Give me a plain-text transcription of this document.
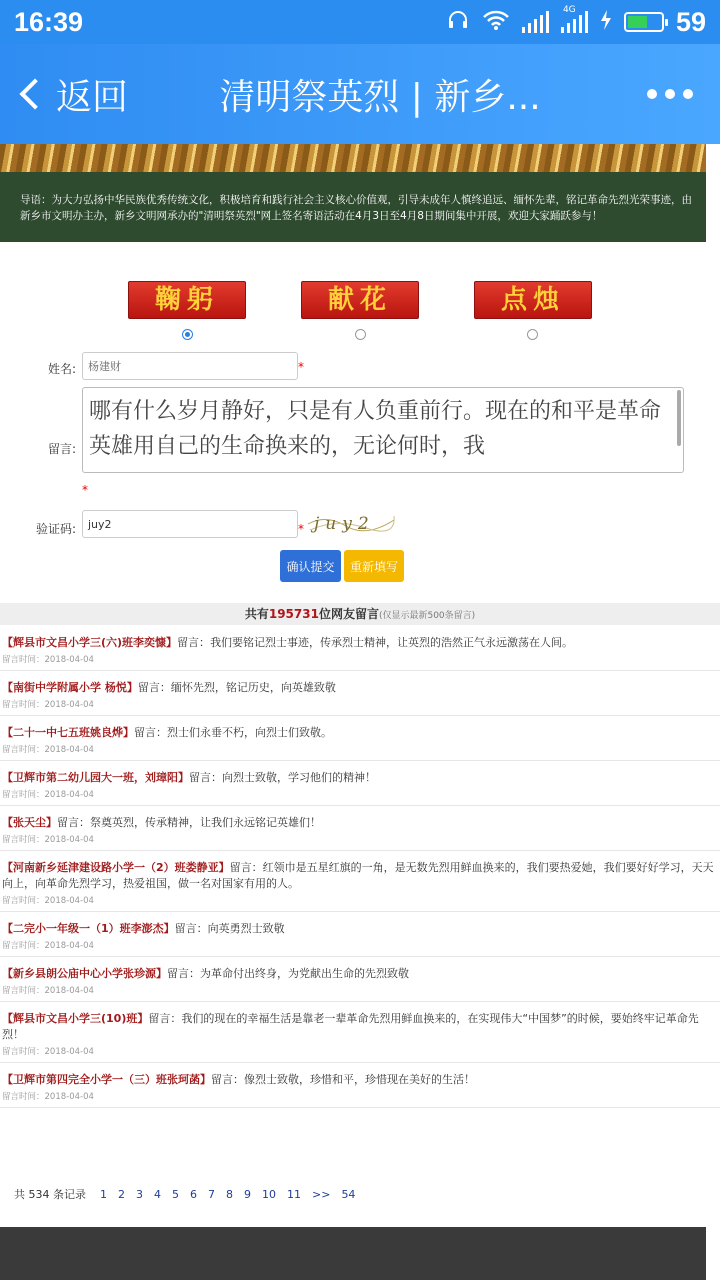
16:39	4G	59
返回	清明祭英烈 | 新乡...
导语：为大力弘扬中华民族优秀传统文化，积极培育和践行社会主义核心价值观，引导未成年人慎终追远、缅怀先辈，铭记革命先烈光荣事迹，由新乡市文明办主办，新乡文明网承办的"清明祭英烈"网上签名寄语活动在4月3日至4月8日期间集中开展，欢迎大家踊跃参与！
鞠躬	献花	点烛
姓名:	杨建财	*
留言:
哪有什么岁月静好，只是有人负重前行。现在的和平是革命英雄用自己的生命换来的，无论何时，我
*
验证码:	juy2	* juy2
确认提交	重新填写
共有195731位网友留言(仅显示最新500条留言)
【辉县市文昌小学三(六)班李奕慷】留言：我们要铭记烈士事迹，传承烈士精神，让英烈的浩然正气永远激荡在人间。
留言时间：2018-04-04
【南街中学附属小学 杨悦】留言：缅怀先烈，铭记历史，向英雄致敬
留言时间：2018-04-04
【二十一中七五班姚良烨】留言：烈士们永垂不朽，向烈士们致敬。
留言时间：2018-04-04
【卫辉市第二幼儿园大一班，刘璋阳】留言：向烈士致敬，学习他们的精神！
留言时间：2018-04-04
【张天尘】留言：祭奠英烈，传承精神，让我们永远铭记英雄们！
留言时间：2018-04-04
【河南新乡延津建设路小学一（2）班娄静亚】留言：红领巾是五星红旗的一角，是无数先烈用鲜血换来的，我们要热爱她，我们要好好学习，天天向上，向革命先烈学习，热爱祖国，做一名对国家有用的人。
留言时间：2018-04-04
【二完小一年级一（1）班李澎杰】留言：向英勇烈士致敬
留言时间：2018-04-04
【新乡县朗公庙中心小学张珍源】留言：为革命付出终身，为党献出生命的先烈致敬
留言时间：2018-04-04
【辉县市文昌小学三(10)班】留言：我们的现在的幸福生活是靠老一辈革命先烈用鲜血换来的，在实现伟大“中国梦”的时候，要始终牢记革命先烈！
留言时间：2018-04-04
【卫辉市第四完全小学一（三）班张珂菡】留言：像烈士致敬，珍惜和平，珍惜现在美好的生活！
留言时间：2018-04-04
共 534 条记录 1 2 3 4 5 6 7 8 9 10 11 >> 54
